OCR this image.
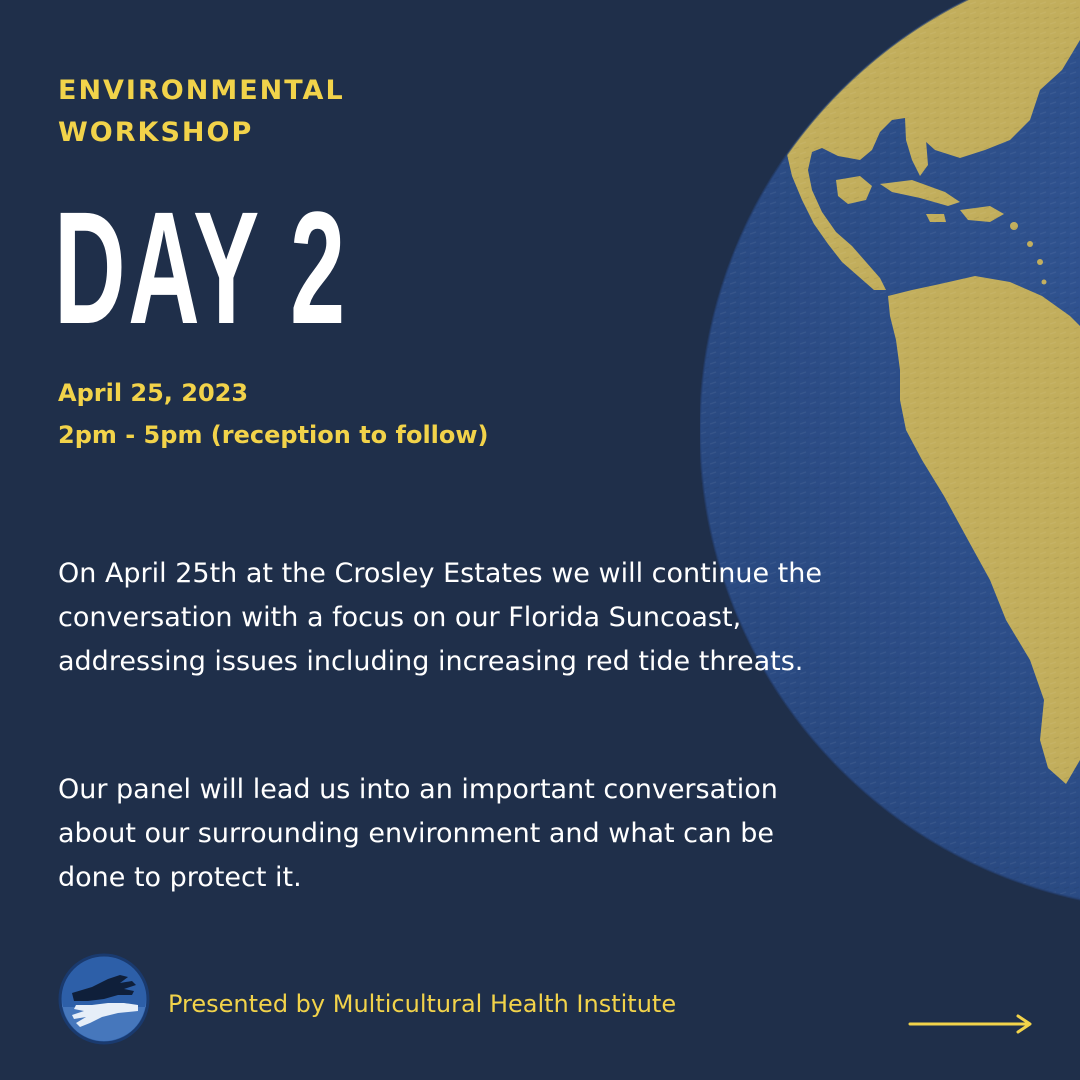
ENVIRONMENTAL
WORKSHOP
DAY 2
April 25, 2023
2pm - 5pm (reception to follow)

On April 25th at the Crosley Estates we will continue the conversation with a focus on our Florida Suncoast, addressing issues including increasing red tide threats.

Our panel will lead us into an important conversation about our surrounding environment and what can be done to protect it.

Presented by Multicultural Health Institute
